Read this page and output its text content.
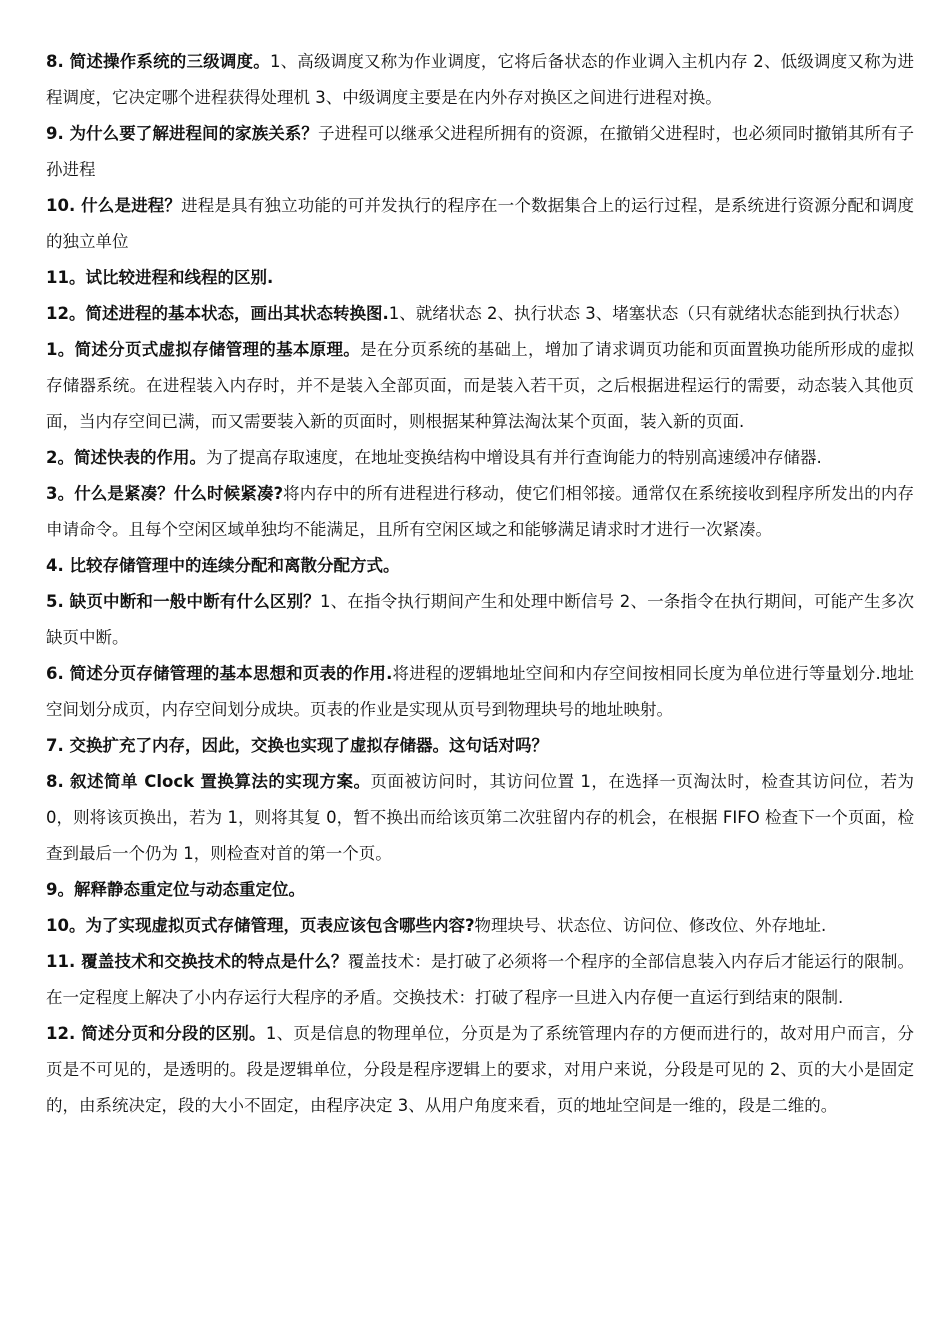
8. 简述操作系统的三级调度。1、高级调度又称为作业调度，它将后备状态的作业调入主机内存 2、低级调度又称为进程调度，它决定哪个进程获得处理机 3、中级调度主要是在内外存对换区之间进行进程对换。

9. 为什么要了解进程间的家族关系？子进程可以继承父进程所拥有的资源，在撤销父进程时，也必须同时撤销其所有子孙进程

10. 什么是进程？进程是具有独立功能的可并发执行的程序在一个数据集合上的运行过程，是系统进行资源分配和调度的独立单位

11。试比较进程和线程的区别.

12。简述进程的基本状态，画出其状态转换图.1、就绪状态 2、执行状态 3、堵塞状态（只有就绪状态能到执行状态）

1。简述分页式虚拟存储管理的基本原理。是在分页系统的基础上，增加了请求调页功能和页面置换功能所形成的虚拟存储器系统。在进程装入内存时，并不是装入全部页面，而是装入若干页，之后根据进程运行的需要，动态装入其他页面，当内存空间已满，而又需要装入新的页面时，则根据某种算法淘汰某个页面，装入新的页面.

2。简述快表的作用。为了提高存取速度，在地址变换结构中增设具有并行查询能力的特别高速缓冲存储器.

3。什么是紧凑？什么时候紧凑?将内存中的所有进程进行移动，使它们相邻接。通常仅在系统接收到程序所发出的内存申请命令。且每个空闲区域单独均不能满足，且所有空闲区域之和能够满足请求时才进行一次紧凑。

4. 比较存储管理中的连续分配和离散分配方式。

5. 缺页中断和一般中断有什么区别？1、在指令执行期间产生和处理中断信号 2、一条指令在执行期间，可能产生多次缺页中断。

6. 简述分页存储管理的基本思想和页表的作用.将进程的逻辑地址空间和内存空间按相同长度为单位进行等量划分.地址空间划分成页，内存空间划分成块。页表的作业是实现从页号到物理块号的地址映射。

7. 交换扩充了内存，因此，交换也实现了虚拟存储器。这句话对吗？

8. 叙述简单 Clock 置换算法的实现方案。页面被访问时，其访问位置 1，在选择一页淘汰时，检查其访问位，若为 0，则将该页换出，若为 1，则将其复 0，暂不换出而给该页第二次驻留内存的机会，在根据 FIFO 检查下一个页面，检查到最后一个仍为 1，则检查对首的第一个页。

9。解释静态重定位与动态重定位。

10。为了实现虚拟页式存储管理，页表应该包含哪些内容?物理块号、状态位、访问位、修改位、外存地址.

11. 覆盖技术和交换技术的特点是什么？覆盖技术：是打破了必须将一个程序的全部信息装入内存后才能运行的限制。在一定程度上解决了小内存运行大程序的矛盾。交换技术：打破了程序一旦进入内存便一直运行到结束的限制.

12. 简述分页和分段的区别。1、页是信息的物理单位，分页是为了系统管理内存的方便而进行的，故对用户而言，分页是不可见的，是透明的。段是逻辑单位，分段是程序逻辑上的要求，对用户来说，分段是可见的 2、页的大小是固定的，由系统决定，段的大小不固定，由程序决定 3、从用户角度来看，页的地址空间是一维的，段是二维的。
